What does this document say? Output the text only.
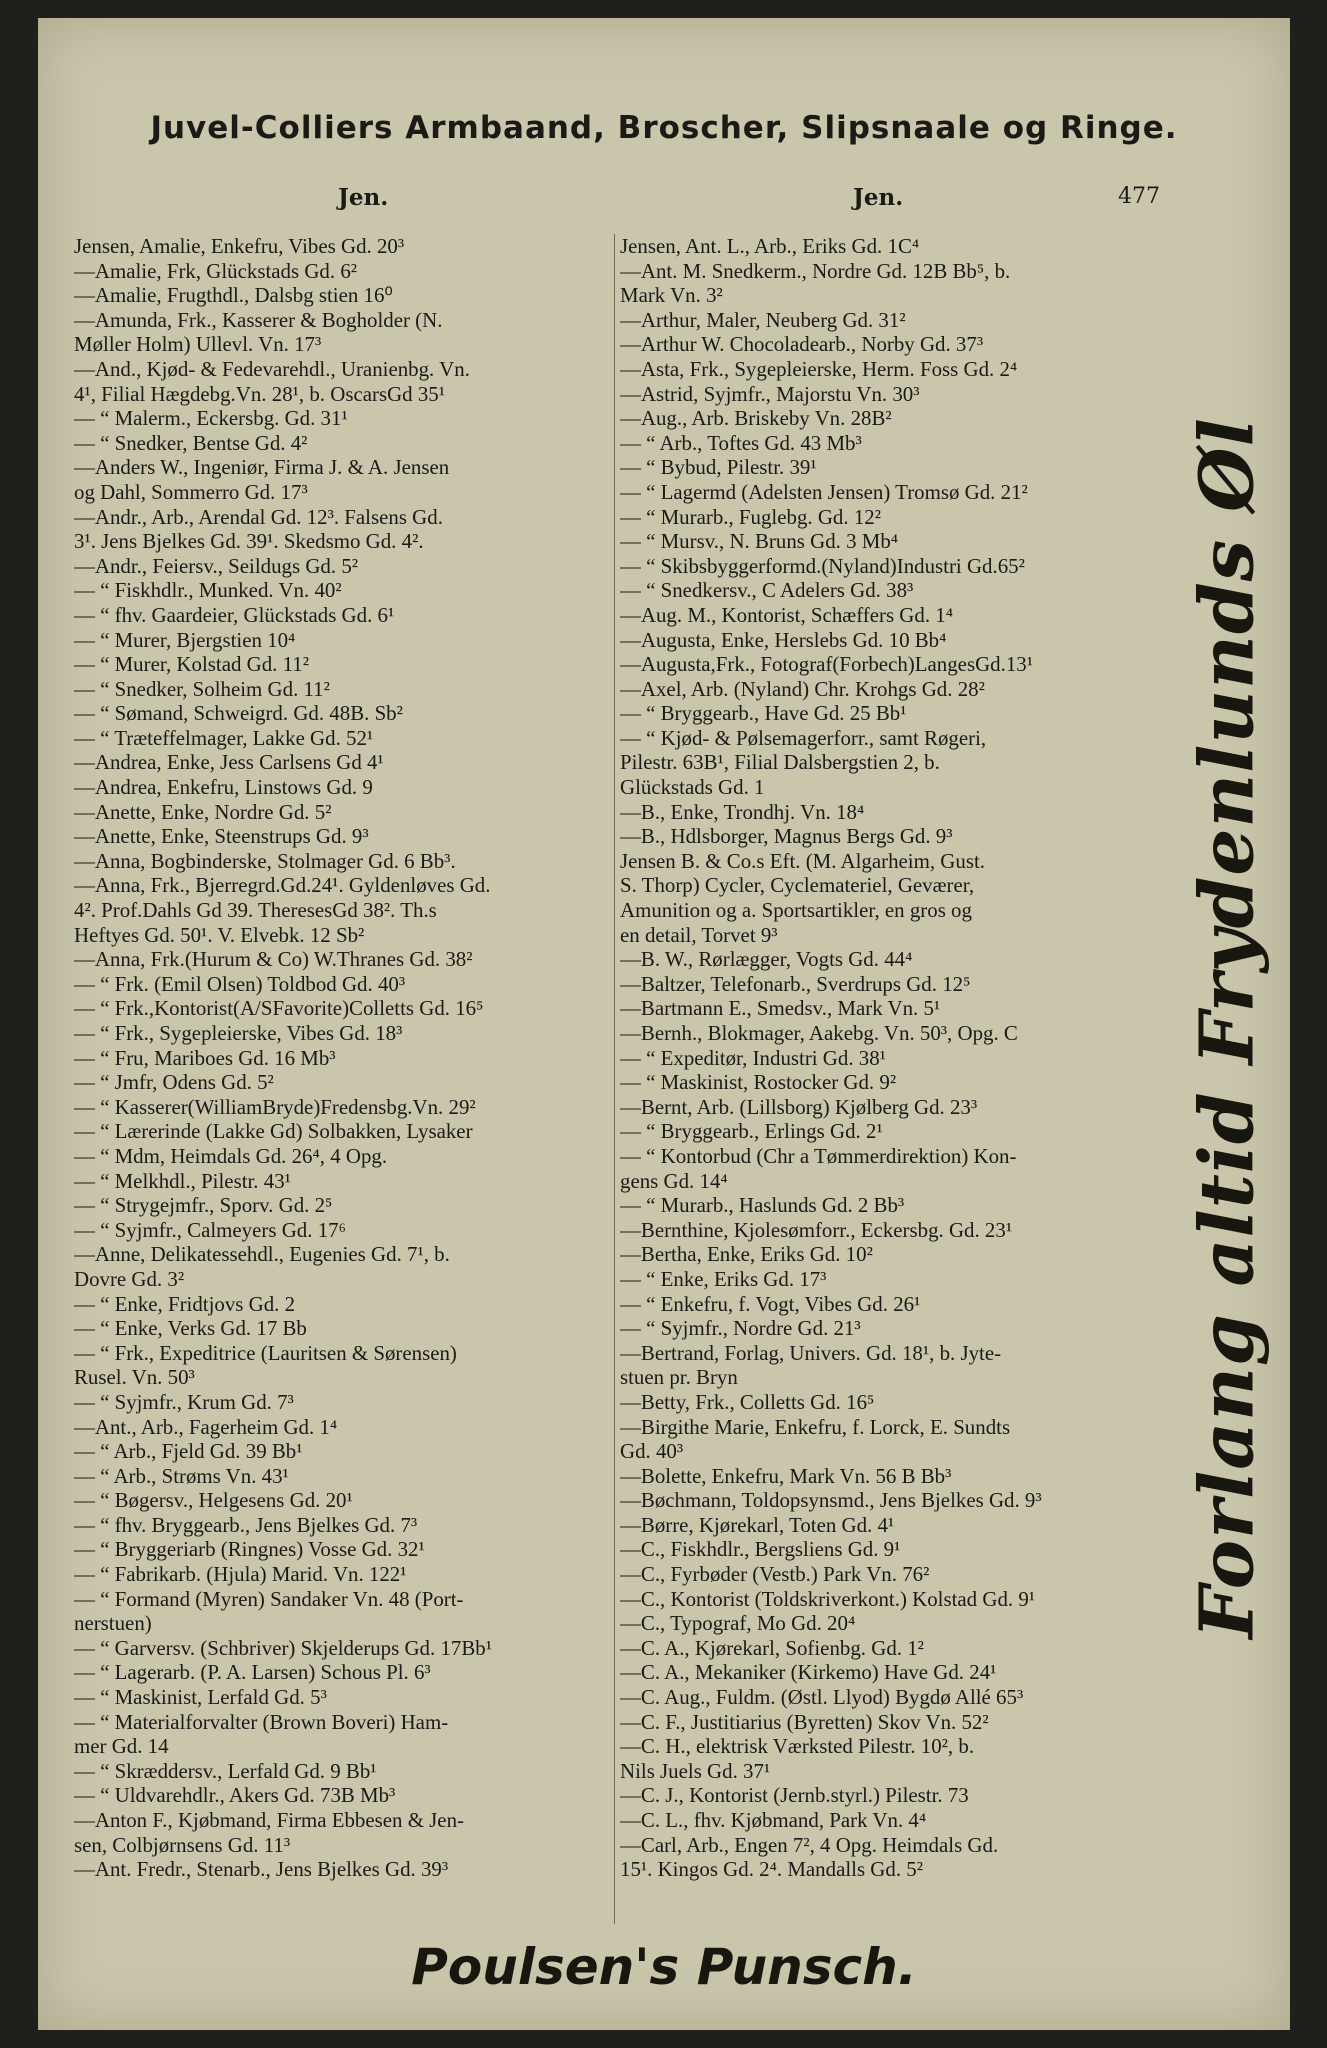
Juvel-Colliers Armbaand, Broscher, Slipsnaale og Ringe.
Jen.	Jen.	477
Jensen, Amalie, Enkefru, Vibes Gd. 20³
—Amalie, Frk, Glückstads Gd. 6²
—Amalie, Frugthdl., Dalsbg stien 16⁰
—Amunda, Frk., Kasserer & Bogholder (N.
Møller Holm) Ullevl. Vn. 17³
—And., Kjød- & Fedevarehdl., Uranienbg. Vn.
4¹, Filial Hægdebg.Vn. 28¹, b. OscarsGd 35¹
— “ Malerm., Eckersbg. Gd. 31¹
— “ Snedker, Bentse Gd. 4²
—Anders W., Ingeniør, Firma J. & A. Jensen
og Dahl, Sommerro Gd. 17³
—Andr., Arb., Arendal Gd. 12³. Falsens Gd.
3¹. Jens Bjelkes Gd. 39¹. Skedsmo Gd. 4².
—Andr., Feiersv., Seildugs Gd. 5²
— “ Fiskhdlr., Munked. Vn. 40²
— “ fhv. Gaardeier, Glückstads Gd. 6¹
— “ Murer, Bjergstien 10⁴
— “ Murer, Kolstad Gd. 11²
— “ Snedker, Solheim Gd. 11²
— “ Sømand, Schweigrd. Gd. 48B. Sb²
— “ Træteffelmager, Lakke Gd. 52¹
—Andrea, Enke, Jess Carlsens Gd 4¹
—Andrea, Enkefru, Linstows Gd. 9
—Anette, Enke, Nordre Gd. 5²
—Anette, Enke, Steenstrups Gd. 9³
—Anna, Bogbinderske, Stolmager Gd. 6 Bb³.
—Anna, Frk., Bjerregrd.Gd.24¹. Gyldenløves Gd.
4². Prof.Dahls Gd 39. TheresesGd 38². Th.s
Heftyes Gd. 50¹. V. Elvebk. 12 Sb²
—Anna, Frk.(Hurum & Co) W.Thranes Gd. 38²
— “ Frk. (Emil Olsen) Toldbod Gd. 40³
— “ Frk.,Kontorist(A/SFavorite)Colletts Gd. 16⁵
— “ Frk., Sygepleierske, Vibes Gd. 18³
— “ Fru, Mariboes Gd. 16 Mb³
— “ Jmfr, Odens Gd. 5²
— “ Kasserer(WilliamBryde)Fredensbg.Vn. 29²
— “ Lærerinde (Lakke Gd) Solbakken, Lysaker
— “ Mdm, Heimdals Gd. 26⁴, 4 Opg.
— “ Melkhdl., Pilestr. 43¹
— “ Strygejmfr., Sporv. Gd. 2⁵
— “ Syjmfr., Calmeyers Gd. 17⁶
—Anne, Delikatessehdl., Eugenies Gd. 7¹, b.
Dovre Gd. 3²
— “ Enke, Fridtjovs Gd. 2
— “ Enke, Verks Gd. 17 Bb
— “ Frk., Expeditrice (Lauritsen & Sørensen)
Rusel. Vn. 50³
— “ Syjmfr., Krum Gd. 7³
—Ant., Arb., Fagerheim Gd. 1⁴
— “ Arb., Fjeld Gd. 39 Bb¹
— “ Arb., Strøms Vn. 43¹
— “ Bøgersv., Helgesens Gd. 20¹
— “ fhv. Bryggearb., Jens Bjelkes Gd. 7³
— “ Bryggeriarb (Ringnes) Vosse Gd. 32¹
— “ Fabrikarb. (Hjula) Marid. Vn. 122¹
— “ Formand (Myren) Sandaker Vn. 48 (Port-
nerstuen)
— “ Garversv. (Schbriver) Skjelderups Gd. 17Bb¹
— “ Lagerarb. (P. A. Larsen) Schous Pl. 6³
— “ Maskinist, Lerfald Gd. 5³
— “ Materialforvalter (Brown Boveri) Ham-
mer Gd. 14
— “ Skræddersv., Lerfald Gd. 9 Bb¹
— “ Uldvarehdlr., Akers Gd. 73B Mb³
—Anton F., Kjøbmand, Firma Ebbesen & Jen-
sen, Colbjørnsens Gd. 11³
—Ant. Fredr., Stenarb., Jens Bjelkes Gd. 39³
Jensen, Ant. L., Arb., Eriks Gd. 1C⁴
—Ant. M. Snedkerm., Nordre Gd. 12B Bb⁵, b.
Mark Vn. 3²
—Arthur, Maler, Neuberg Gd. 31²
—Arthur W. Chocoladearb., Norby Gd. 37³
—Asta, Frk., Sygepleierske, Herm. Foss Gd. 2⁴
—Astrid, Syjmfr., Majorstu Vn. 30³
—Aug., Arb. Briskeby Vn. 28B²
— “ Arb., Toftes Gd. 43 Mb³
— “ Bybud, Pilestr. 39¹
— “ Lagermd (Adelsten Jensen) Tromsø Gd. 21²
— “ Murarb., Fuglebg. Gd. 12²
— “ Mursv., N. Bruns Gd. 3 Mb⁴
— “ Skibsbyggerformd.(Nyland)Industri Gd.65²
— “ Snedkersv., C Adelers Gd. 38³
—Aug. M., Kontorist, Schæffers Gd. 1⁴
—Augusta, Enke, Herslebs Gd. 10 Bb⁴
—Augusta,Frk., Fotograf(Forbech)LangesGd.13¹
—Axel, Arb. (Nyland) Chr. Krohgs Gd. 28²
— “ Bryggearb., Have Gd. 25 Bb¹
— “ Kjød- & Pølsemagerforr., samt Røgeri,
Pilestr. 63B¹, Filial Dalsbergstien 2, b.
Glückstads Gd. 1
—B., Enke, Trondhj. Vn. 18⁴
—B., Hdlsborger, Magnus Bergs Gd. 9³
Jensen B. & Co.s Eft. (M. Algarheim, Gust.
S. Thorp) Cycler, Cyclemateriel, Geværer,
Amunition og a. Sportsartikler, en gros og
en detail, Torvet 9³
—B. W., Rørlægger, Vogts Gd. 44⁴
—Baltzer, Telefonarb., Sverdrups Gd. 12⁵
—Bartmann E., Smedsv., Mark Vn. 5¹
—Bernh., Blokmager, Aakebg. Vn. 50³, Opg. C
— “ Expeditør, Industri Gd. 38¹
— “ Maskinist, Rostocker Gd. 9²
—Bernt, Arb. (Lillsborg) Kjølberg Gd. 23³
— “ Bryggearb., Erlings Gd. 2¹
— “ Kontorbud (Chr a Tømmerdirektion) Kon-
gens Gd. 14⁴
— “ Murarb., Haslunds Gd. 2 Bb³
—Bernthine, Kjolesømforr., Eckersbg. Gd. 23¹
—Bertha, Enke, Eriks Gd. 10²
— “ Enke, Eriks Gd. 17³
— “ Enkefru, f. Vogt, Vibes Gd. 26¹
— “ Syjmfr., Nordre Gd. 21³
—Bertrand, Forlag, Univers. Gd. 18¹, b. Jyte-
stuen pr. Bryn
—Betty, Frk., Colletts Gd. 16⁵
—Birgithe Marie, Enkefru, f. Lorck, E. Sundts
Gd. 40³
—Bolette, Enkefru, Mark Vn. 56 B Bb³
—Bøchmann, Toldopsynsmd., Jens Bjelkes Gd. 9³
—Børre, Kjørekarl, Toten Gd. 4¹
—C., Fiskhdlr., Bergsliens Gd. 9¹
—C., Fyrbøder (Vestb.) Park Vn. 76²
—C., Kontorist (Toldskriverkont.) Kolstad Gd. 9¹
—C., Typograf, Mo Gd. 20⁴
—C. A., Kjørekarl, Sofienbg. Gd. 1²
—C. A., Mekaniker (Kirkemo) Have Gd. 24¹
—C. Aug., Fuldm. (Østl. Llyod) Bygdø Allé 65³
—C. F., Justitiarius (Byretten) Skov Vn. 52²
—C. H., elektrisk Værksted Pilestr. 10², b.
Nils Juels Gd. 37¹
—C. J., Kontorist (Jernb.styrl.) Pilestr. 73
—C. L., fhv. Kjøbmand, Park Vn. 4⁴
—Carl, Arb., Engen 7², 4 Opg. Heimdals Gd.
15¹. Kingos Gd. 2⁴. Mandalls Gd. 5²
Forlang altid Frydenlunds Øl
Poulsen's Punsch.
